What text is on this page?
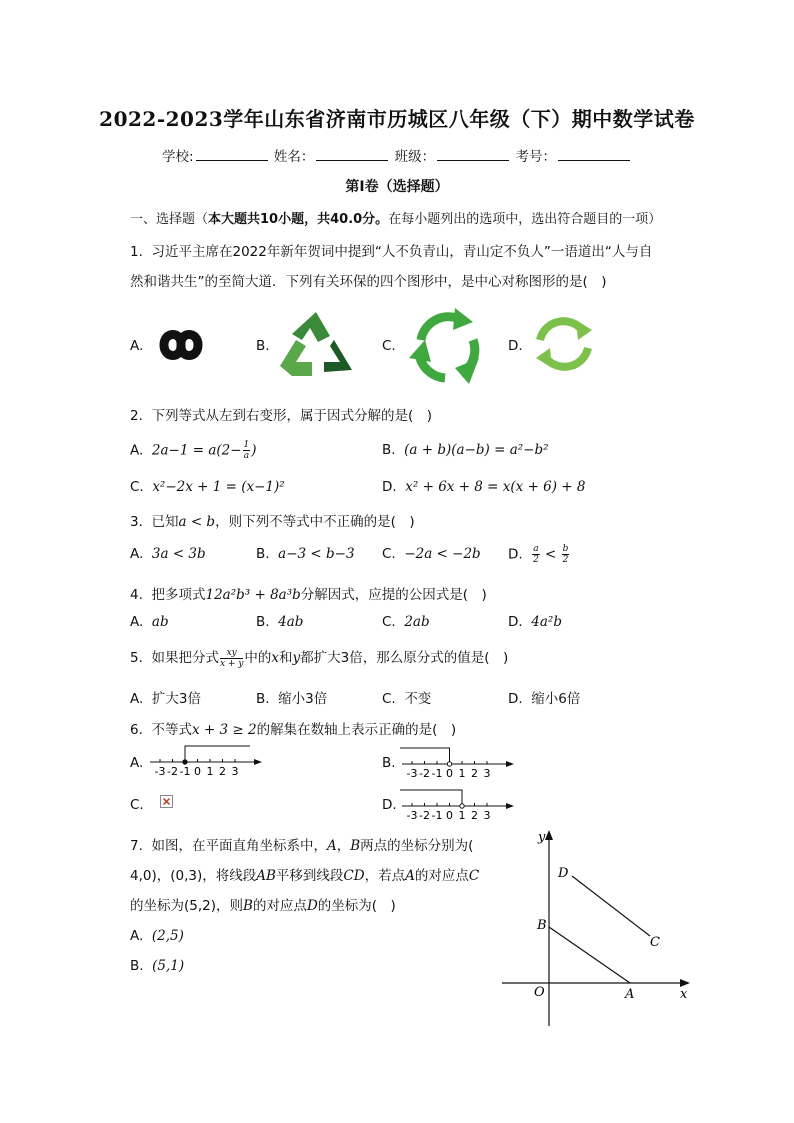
2022-2023学年山东省济南市历城区八年级（下）期中数学试卷
学校:	姓名：	班级：	考号：
第I卷（选择题）
一、选择题（本大题共10小题，共40.0分。在每小题列出的选项中，选出符合题目的一项）
1. 习近平主席在2022年新年贺词中提到“人不负青山，青山定不负人”一语道出“人与自
然和谐共生”的至简大道．下列有关环保的四个图形中，是中心对称图形的是(　)
A.	B.	C.	D.
2. 下列等式从左到右变形，属于因式分解的是(　)
A. $2a-1 = a(2- \frac{1}{a}$ )	B. (a + b)(a−b) = a²−b²
C. x²−2x + 1 = (x−1)²	D. x² + 6x + 8 = x(x + 6) + 8
3. 已知a < b，则下列不等式中不正确的是(　)
A. 3a < 3b	B. a−3 < b−3 C. −2a < −2b D. $\frac{a}{2} < \frac{b}{2}$
4. 把多项式12a²b³ + 8a³b分解因式，应提的公因式是(　)
A. ab	B. 4ab	C. 2ab	D. 4a²b
5. 如果把分式 $\frac{xy}{x + y}$ 中的x和y都扩大3倍，那么原分式的值是(　)
A. 扩大3倍	B. 缩小3倍	C. 不变	D. 缩小6倍
6. 不等式x + 3 ≥ 2的解集在数轴上表示正确的是(　)
A.
-3 -2 -1 0 1 2 3
B.
-3 -2 -1 0 1 2 3
C.	D.
-3 -2 -1 0 1 2 3
7. 如图，在平面直角坐标系中，A，B两点的坐标分别为(
4,0)，(0,3)，将线段AB平移到线段CD，若点A的对应点C
的坐标为(5,2)，则B的对应点D的坐标为(　)
A. (2,5)
B. (5,1)
y
x
O	A
B
C
D
